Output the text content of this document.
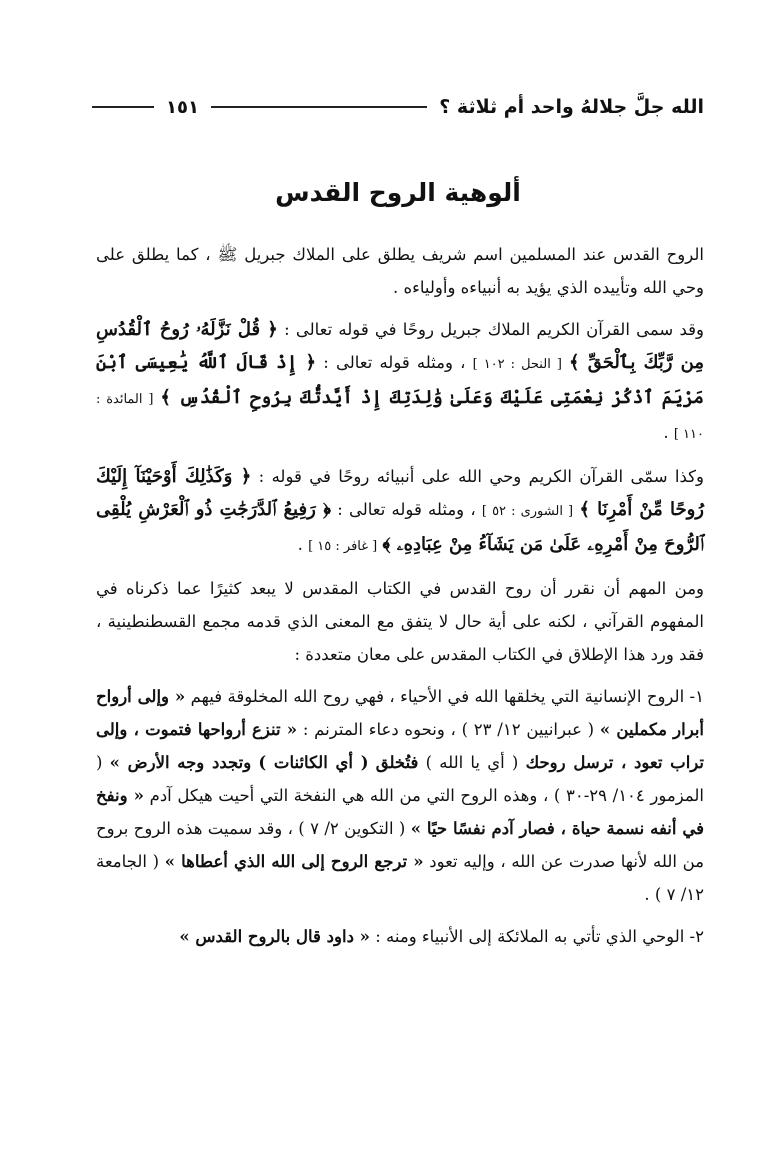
الله جلَّ جلالهُ واحد أم ثلاثة ؟
١٥١
ألوهية الروح القدس

الروح القدس عند المسلمين اسم شريف يطلق على الملاك جبريل ﷺ ، كما يطلق على وحي الله وتأييده الذي يؤيد به أنبياءه وأولياءه .

وقد سمى القرآن الكريم الملاك جبريل روحًا في قوله تعالى : ﴿ قُلْ نَزَّلَهُۥ رُوحُ ٱلْقُدُسِ مِن رَّبِّكَ بِٱلْحَقِّ ﴾ [ النحل : ١٠٢ ] ، ومثله قوله تعالى : ﴿ إِذْ قَالَ ٱللَّهُ يَٰعِيسَى ٱبْنَ مَرْيَمَ ٱذْكُرْ نِعْمَتِى عَلَيْكَ وَعَلَىٰ وَٰلِدَتِكَ إِذْ أَيَّدتُّكَ بِرُوحِ ٱلْقُدُسِ ﴾ [ المائدة : ١١٠ ] .

وكذا سمّى القرآن الكريم وحي الله على أنبيائه روحًا في قوله : ﴿ وَكَذَٰلِكَ أَوْحَيْنَآ إِلَيْكَ رُوحًا مِّنْ أَمْرِنَا ﴾ [ الشورى : ٥٢ ] ، ومثله قوله تعالى : ﴿ رَفِيعُ ٱلدَّرَجَٰتِ ذُو ٱلْعَرْشِ يُلْقِى ٱلرُّوحَ مِنْ أَمْرِهِۦ عَلَىٰ مَن يَشَآءُ مِنْ عِبَادِهِۦ ﴾ [ غافر : ١٥ ] .

ومن المهم أن نقرر أن روح القدس في الكتاب المقدس لا يبعد كثيرًا عما ذكرناه في المفهوم القرآني ، لكنه على أية حال لا يتفق مع المعنى الذي قدمه مجمع القسطنطينية ، فقد ورد هذا الإطلاق في الكتاب المقدس على معان متعددة :

١- الروح الإنسانية التي يخلقها الله في الأحياء ، فهي روح الله المخلوقة فيهم « وإلى أرواح أبرار مكملين » ( عبرانيين ١٢/ ٢٣ ) ، ونحوه دعاء المترنم : « تنزع أرواحها فتموت ، وإلى تراب تعود ، ترسل روحك ( أي يا الله ) فتُخلق ( أي الكائنات ) وتجدد وجه الأرض » ( المزمور ١٠٤/ ٢٩-٣٠ ) ، وهذه الروح التي من الله هي النفخة التي أحيت هيكل آدم « ونفخ في أنفه نسمة حياة ، فصار آدم نفسًا حيًا » ( التكوين ٢/ ٧ ) ، وقد سميت هذه الروح بروح من الله لأنها صدرت عن الله ، وإليه تعود « ترجع الروح إلى الله الذي أعطاها » ( الجامعة ١٢/ ٧ ) .

٢- الوحي الذي تأتي به الملائكة إلى الأنبياء ومنه : « داود قال بالروح القدس »
